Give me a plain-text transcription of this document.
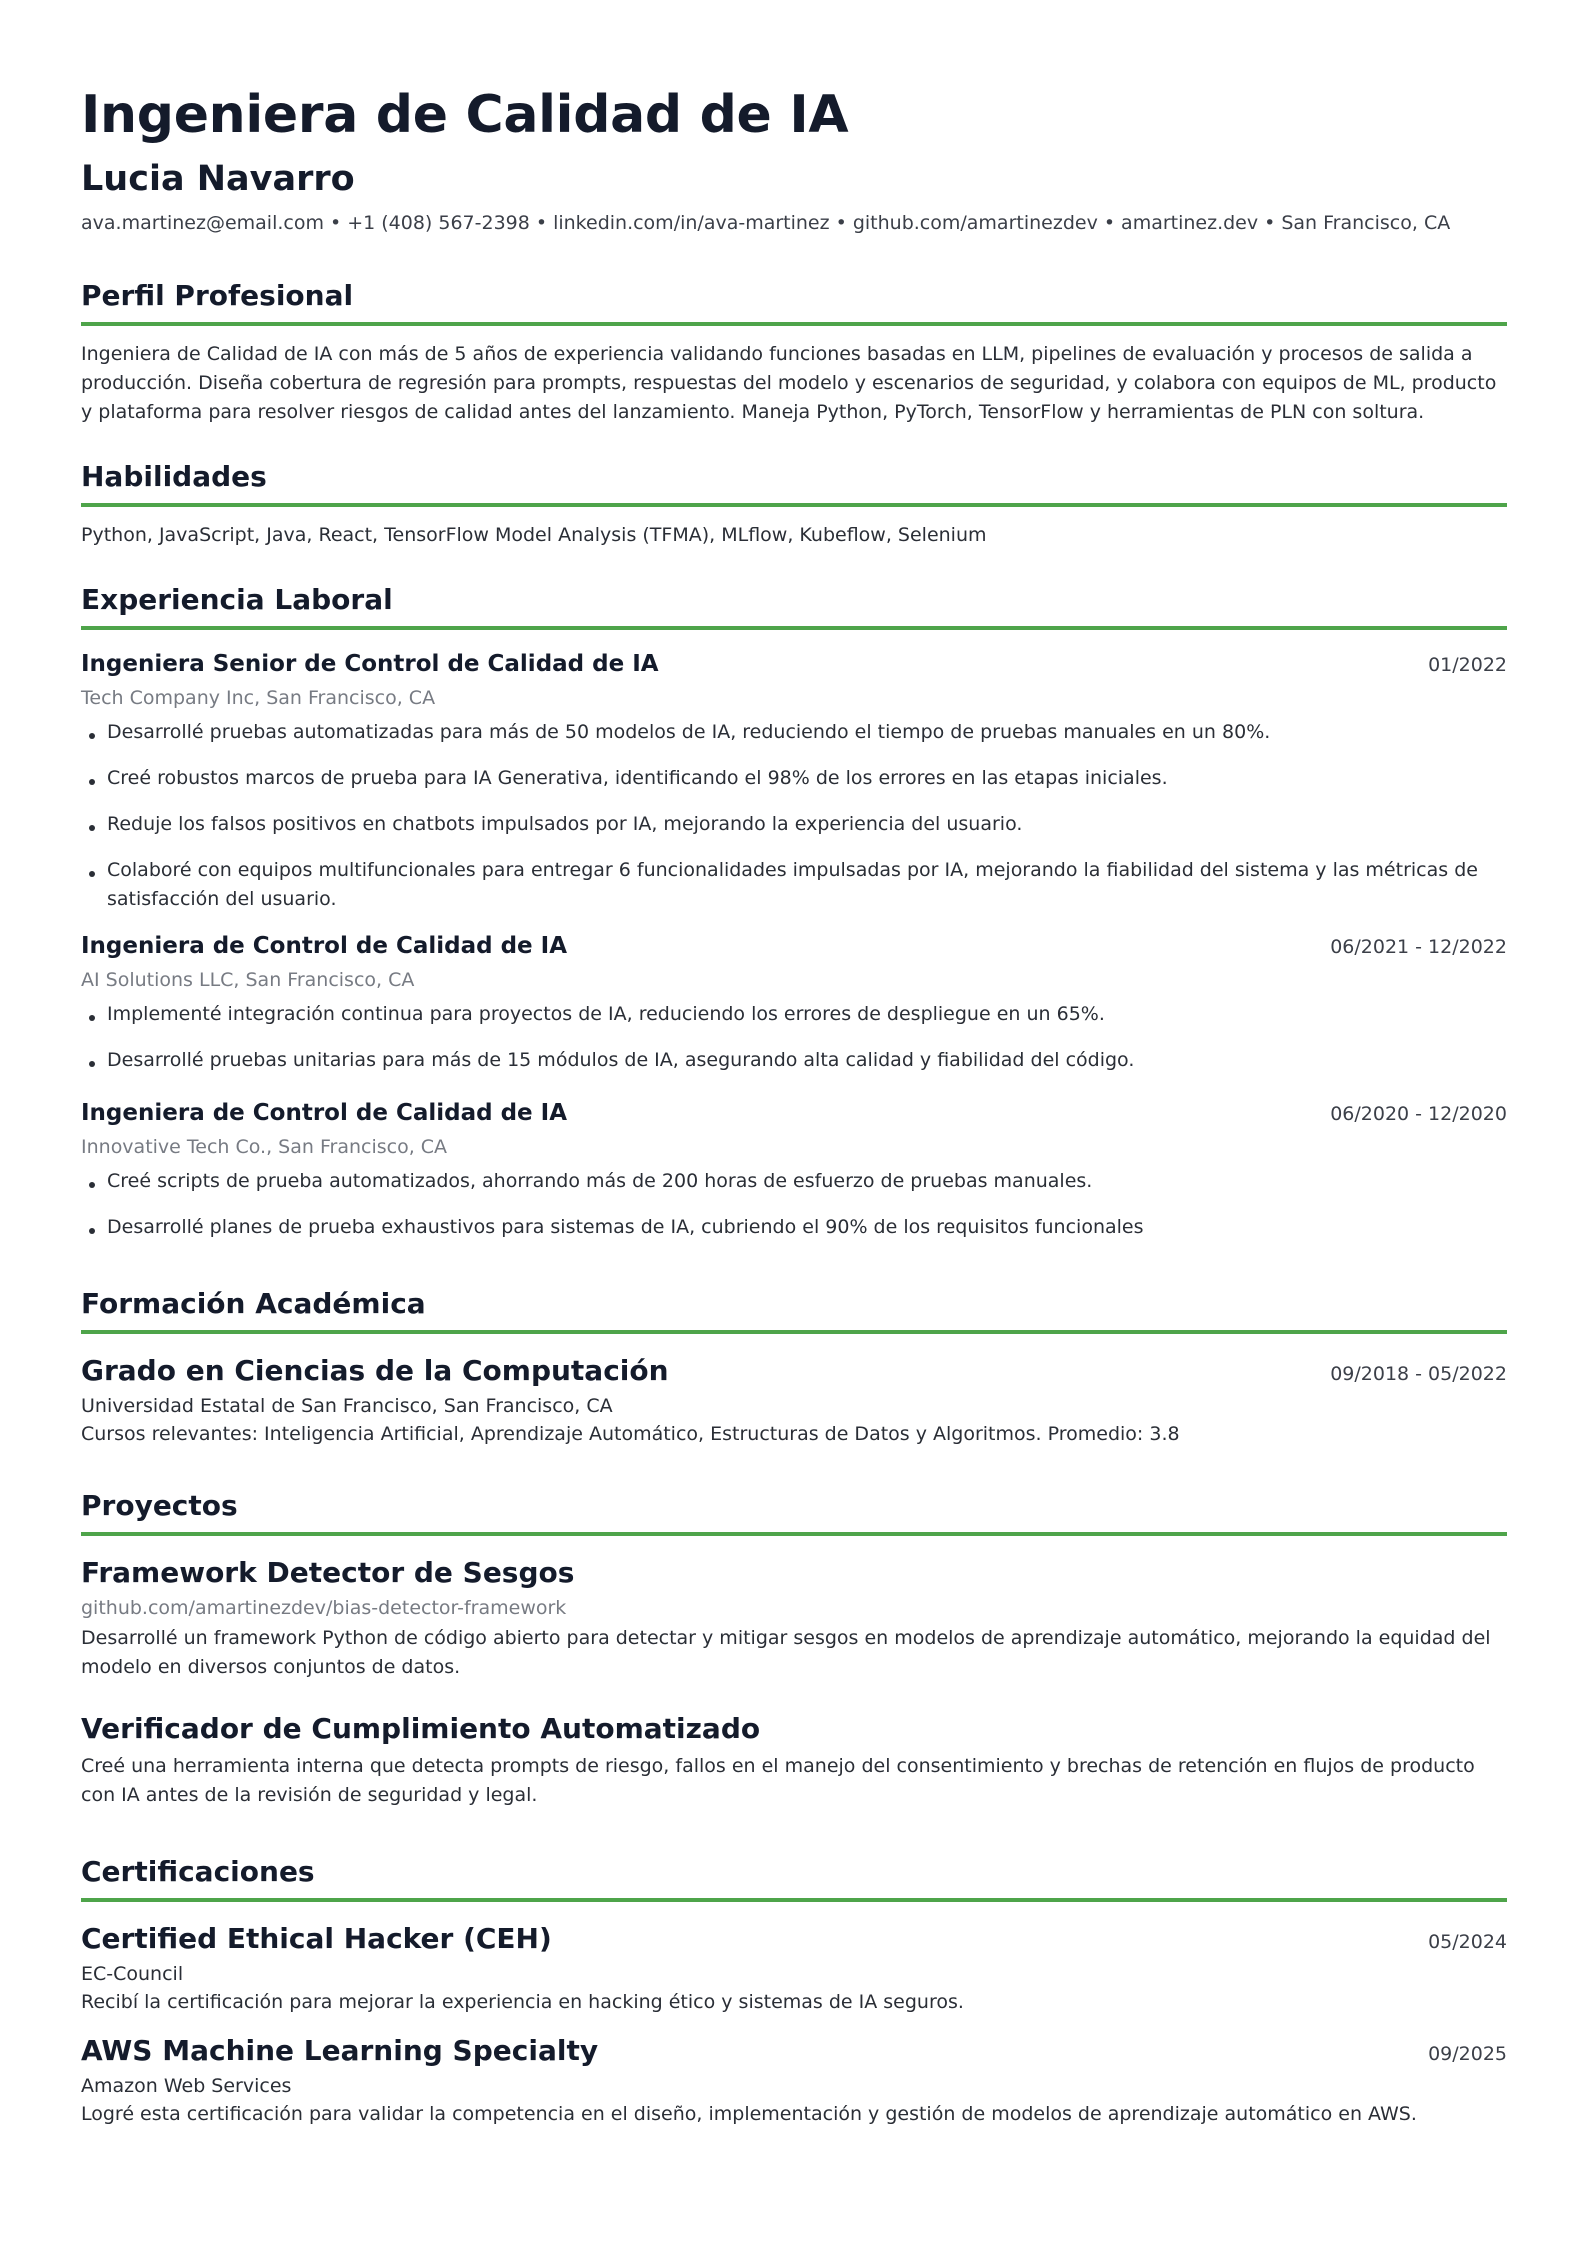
Ingeniera de Calidad de IA
Lucia Navarro
ava.martinez@email.com • +1 (408) 567-2398 • linkedin.com/in/ava-martinez • github.com/amartinezdev • amartinez.dev • San Francisco, CA
Perfil Profesional
Ingeniera de Calidad de IA con más de 5 años de experiencia validando funciones basadas en LLM, pipelines de evaluación y procesos de salida a producción. Diseña cobertura de regresión para prompts, respuestas del modelo y escenarios de seguridad, y colabora con equipos de ML, producto y plataforma para resolver riesgos de calidad antes del lanzamiento. Maneja Python, PyTorch, TensorFlow y herramientas de PLN con soltura.
Habilidades
Python, JavaScript, Java, React, TensorFlow Model Analysis (TFMA), MLflow, Kubeflow, Selenium
Experiencia Laboral
Ingeniera Senior de Control de Calidad de IA	01/2022
Tech Company Inc, San Francisco, CA
Desarrollé pruebas automatizadas para más de 50 modelos de IA, reduciendo el tiempo de pruebas manuales en un 80%.
Creé robustos marcos de prueba para IA Generativa, identificando el 98% de los errores en las etapas iniciales.
Reduje los falsos positivos en chatbots impulsados por IA, mejorando la experiencia del usuario.
Colaboré con equipos multifuncionales para entregar 6 funcionalidades impulsadas por IA, mejorando la fiabilidad del sistema y las métricas de satisfacción del usuario.
Ingeniera de Control de Calidad de IA	06/2021 - 12/2022
AI Solutions LLC, San Francisco, CA
Implementé integración continua para proyectos de IA, reduciendo los errores de despliegue en un 65%.
Desarrollé pruebas unitarias para más de 15 módulos de IA, asegurando alta calidad y fiabilidad del código.
Ingeniera de Control de Calidad de IA	06/2020 - 12/2020
Innovative Tech Co., San Francisco, CA
Creé scripts de prueba automatizados, ahorrando más de 200 horas de esfuerzo de pruebas manuales.
Desarrollé planes de prueba exhaustivos para sistemas de IA, cubriendo el 90% de los requisitos funcionales
Formación Académica
Grado en Ciencias de la Computación	09/2018 - 05/2022
Universidad Estatal de San Francisco, San Francisco, CA
Cursos relevantes: Inteligencia Artificial, Aprendizaje Automático, Estructuras de Datos y Algoritmos. Promedio: 3.8
Proyectos
Framework Detector de Sesgos
github.com/amartinezdev/bias-detector-framework
Desarrollé un framework Python de código abierto para detectar y mitigar sesgos en modelos de aprendizaje automático, mejorando la equidad del modelo en diversos conjuntos de datos.
Verificador de Cumplimiento Automatizado
Creé una herramienta interna que detecta prompts de riesgo, fallos en el manejo del consentimiento y brechas de retención en flujos de producto con IA antes de la revisión de seguridad y legal.
Certificaciones
Certified Ethical Hacker (CEH)	05/2024
EC-Council
Recibí la certificación para mejorar la experiencia en hacking ético y sistemas de IA seguros.
AWS Machine Learning Specialty	09/2025
Amazon Web Services
Logré esta certificación para validar la competencia en el diseño, implementación y gestión de modelos de aprendizaje automático en AWS.
